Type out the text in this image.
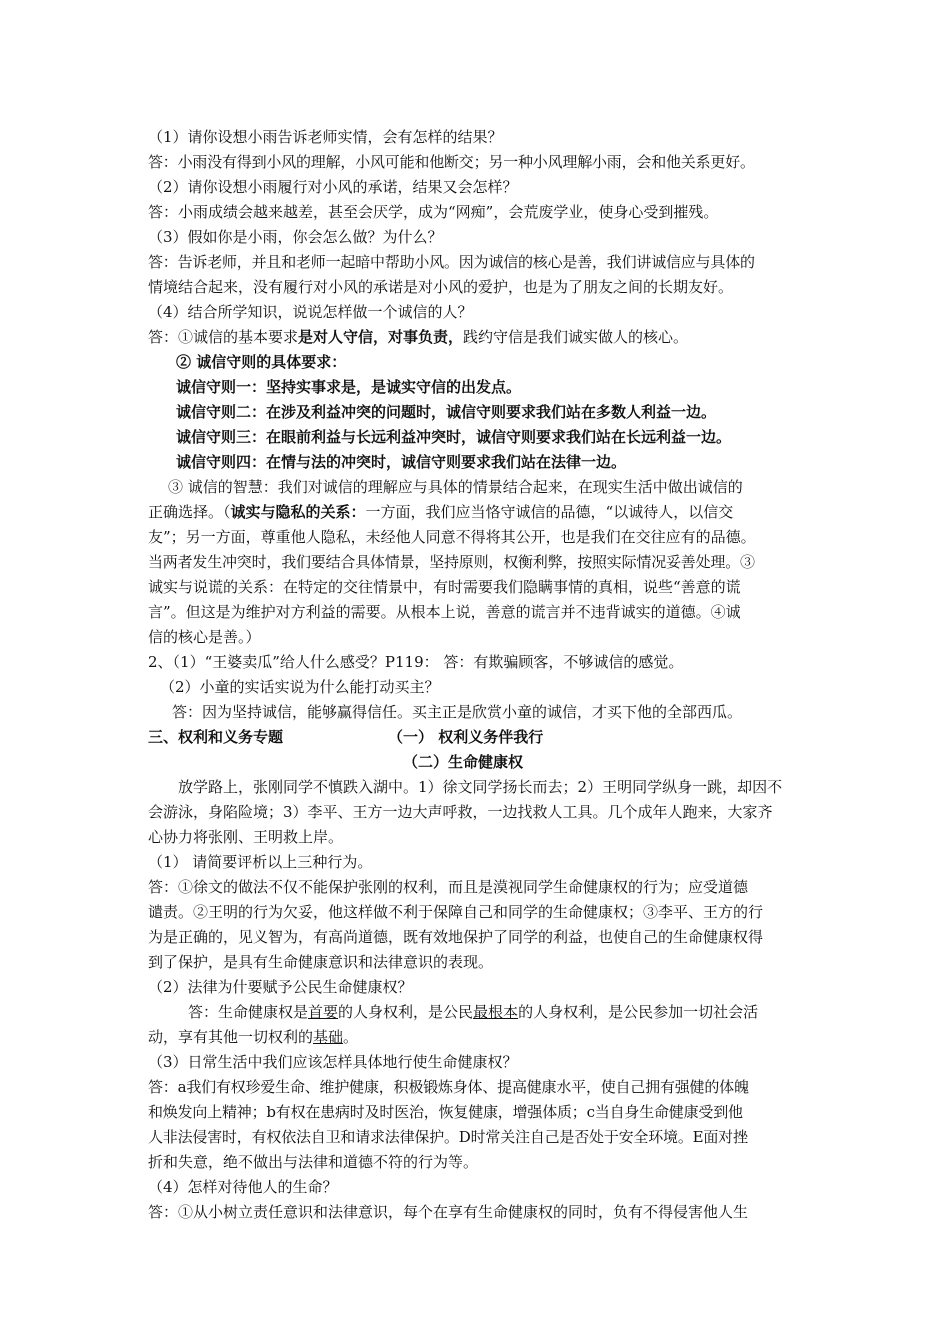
（1）请你设想小雨告诉老师实情，会有怎样的结果？
答：小雨没有得到小风的理解，小风可能和他断交；另一种小风理解小雨，会和他关系更好。
（2）请你设想小雨履行对小风的承诺，结果又会怎样？
答：小雨成绩会越来越差，甚至会厌学，成为“网痴”，会荒废学业，使身心受到摧残。
（3）假如你是小雨，你会怎么做？为什么？
答：告诉老师，并且和老师一起暗中帮助小风。因为诚信的核心是善，我们讲诚信应与具体的
情境结合起来，没有履行对小风的承诺是对小风的爱护，也是为了朋友之间的长期友好。
（4）结合所学知识，说说怎样做一个诚信的人？
答：①诚信的基本要求是对人守信，对事负责，践约守信是我们诚实做人的核心。
② 诚信守则的具体要求：
诚信守则一：坚持实事求是，是诚实守信的出发点。
诚信守则二：在涉及利益冲突的问题时，诚信守则要求我们站在多数人利益一边。
诚信守则三：在眼前利益与长远利益冲突时，诚信守则要求我们站在长远利益一边。
诚信守则四：在情与法的冲突时，诚信守则要求我们站在法律一边。
③ 诚信的智慧：我们对诚信的理解应与具体的情景结合起来，在现实生活中做出诚信的
正确选择。（诚实与隐私的关系：一方面，我们应当恪守诚信的品德，“以诚待人，以信交
友”；另一方面，尊重他人隐私，未经他人同意不得将其公开，也是我们在交往应有的品德。
当两者发生冲突时，我们要结合具体情景，坚持原则，权衡利弊，按照实际情况妥善处理。③
诚实与说谎的关系：在特定的交往情景中，有时需要我们隐瞒事情的真相，说些“善意的谎
言”。但这是为维护对方利益的需要。从根本上说，善意的谎言并不违背诚实的道德。④诚
信的核心是善。）
2、（1）“王婆卖瓜”给人什么感受？P119： 答：有欺骗顾客，不够诚信的感觉。
（2）小童的实话实说为什么能打动买主？
答：因为坚持诚信，能够赢得信任。买主正是欣赏小童的诚信，才买下他的全部西瓜。
三、权利和义务专题	（一） 权利义务伴我行
（二）生命健康权
放学路上，张刚同学不慎跌入湖中。1）徐文同学扬长而去；2）王明同学纵身一跳，却因不
会游泳，身陷险境；3）李平、王方一边大声呼救，一边找救人工具。几个成年人跑来，大家齐
心协力将张刚、王明救上岸。
（1） 请简要评析以上三种行为。
答：①徐文的做法不仅不能保护张刚的权利，而且是漠视同学生命健康权的行为；应受道德
谴责。②王明的行为欠妥，他这样做不利于保障自己和同学的生命健康权；③李平、王方的行
为是正确的，见义智为，有高尚道德，既有效地保护了同学的利益，也使自己的生命健康权得
到了保护，是具有生命健康意识和法律意识的表现。
（2）法律为什要赋予公民生命健康权？
答：生命健康权是首要的人身权利，是公民最根本的人身权利，是公民参加一切社会活
动，享有其他一切权利的基础。
（3）日常生活中我们应该怎样具体地行使生命健康权？
答：a我们有权珍爱生命、维护健康，积极锻炼身体、提高健康水平，使自己拥有强健的体魄
和焕发向上精神；b有权在患病时及时医治，恢复健康，增强体质；c当自身生命健康受到他
人非法侵害时，有权依法自卫和请求法律保护。D时常关注自己是否处于安全环境。E面对挫
折和失意，绝不做出与法律和道德不符的行为等。
（4）怎样对待他人的生命？
答：①从小树立责任意识和法律意识，每个在享有生命健康权的同时，负有不得侵害他人生
